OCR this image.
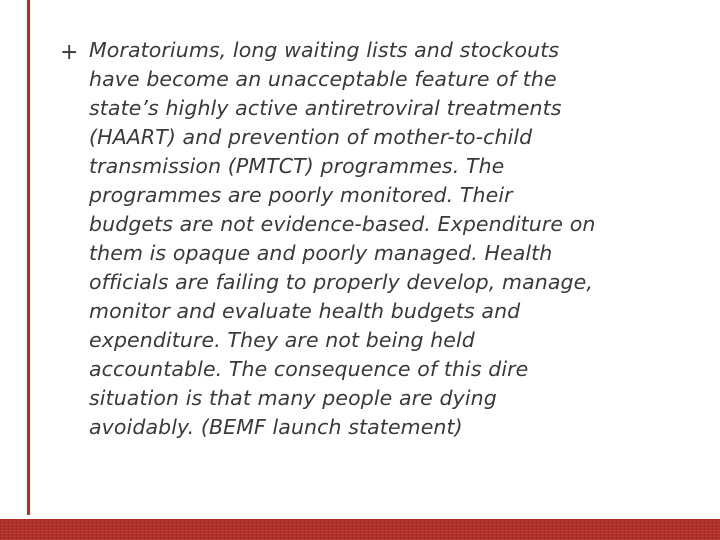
+ Moratoriums, long waiting lists and stockouts
have become an unacceptable feature of the
state’s highly active antiretroviral treatments
(HAART) and prevention of mother-to-child
transmission (PMTCT) programmes. The
programmes are poorly monitored. Their
budgets are not evidence-based. Expenditure on
them is opaque and poorly managed. Health
officials are failing to properly develop, manage,
monitor and evaluate health budgets and
expenditure. They are not being held
accountable. The consequence of this dire
situation is that many people are dying
avoidably. (BEMF launch statement)
